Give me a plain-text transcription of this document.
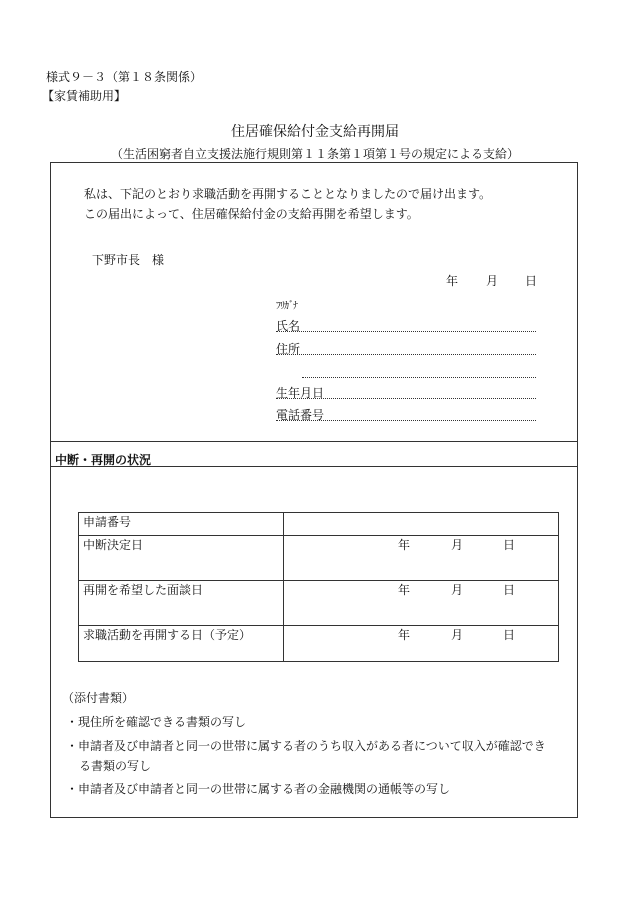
様式９－３（第１８条関係）
【家賃補助用】
住居確保給付金支給再開届
（生活困窮者自立支援法施行規則第１１条第１項第１号の規定による支給）
私は、下記のとおり求職活動を再開することとなりましたので届け出ます。
この届出によって、住居確保給付金の支給再開を希望します。
下野市長　様
年 月 日
ﾌﾘｶﾞﾅ
氏名
住所
生年月日
電話番号
中断・再開の状況
申請番号	
中断決定日	年 月 日

再開を希望した面談日	年 月 日

求職活動を再開する日（予定）	年 月 日
（添付書類）
・現住所を確認できる書類の写し
・申請者及び申請者と同一の世帯に属する者のうち収入がある者について収入が確認でき
る書類の写し
・申請者及び申請者と同一の世帯に属する者の金融機関の通帳等の写し
